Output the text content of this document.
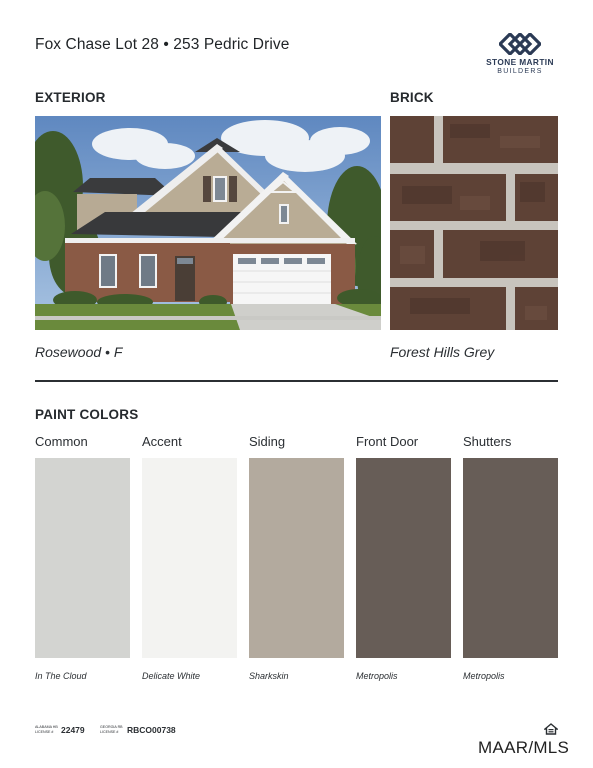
Fox Chase Lot 28 • 253 Pedric Drive
STONE MARTIN
BUILDERS
EXTERIOR	BRICK
Rosewood • F	Forest Hills Grey
PAINT COLORS
Common	Accent	Siding	Front Door	Shutters
In The Cloud	Delicate White	Sharkskin	Metropolis	Metropolis
ALABAMA HB LICENSE # 22479	GEORGIA RB LICENSE #	RBCO00738
MAAR/MLS
